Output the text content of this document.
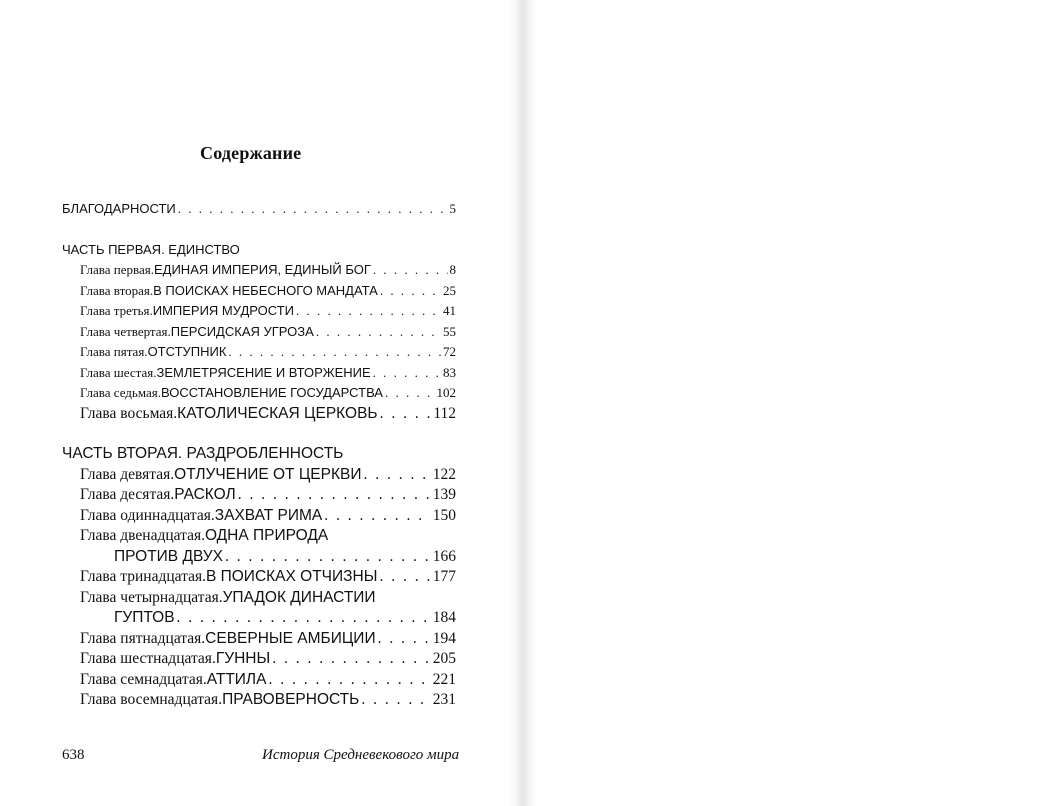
Содержание
БЛАГОДАРНОСТИ . . .	5
ЧАСТЬ ПЕРВАЯ. ЕДИНСТВО
Глава первая. ЕДИНАЯ ИМПЕРИЯ, ЕДИНЫЙ БОГ . . .	8
Глава вторая. В ПОИСКАХ НЕБЕСНОГО МАНДАТА . . .	25
Глава третья. ИМПЕРИЯ МУДРОСТИ . . .	41
Глава четвертая. ПЕРСИДСКАЯ УГРОЗА . . .	55
Глава пятая. ОТСТУПНИК . . .	72
Глава шестая. ЗЕМЛЕТРЯСЕНИЕ И ВТОРЖЕНИЕ . . .	83
Глава седьмая. ВОССТАНОВЛЕНИЕ ГОСУДАРСТВА . . .	102
Глава восьмая. КАТОЛИЧЕСКАЯ ЦЕРКОВЬ . . .	112
ЧАСТЬ ВТОРАЯ. РАЗДРОБЛЕННОСТЬ
Глава девятая. ОТЛУЧЕНИЕ ОТ ЦЕРКВИ . . .	122
Глава десятая. РАСКОЛ . . .	139
Глава одиннадцатая. ЗАХВАТ РИМА . . .	150
Глава двенадцатая. ОДНА ПРИРОДА
ПРОТИВ ДВУХ . . .	166
Глава тринадцатая. В ПОИСКАХ ОТЧИЗНЫ . . .	177
Глава четырнадцатая. УПАДОК ДИНАСТИИ
ГУПТОВ . . .	184
Глава пятнадцатая. СЕВЕРНЫЕ АМБИЦИИ . . .	194
Глава шестнадцатая. ГУННЫ . . .	205
Глава семнадцатая. АТТИЛА . . .	221
Глава восемнадцатая. ПРАВОВЕРНОСТЬ . . .	231
638	История Средневекового мира
